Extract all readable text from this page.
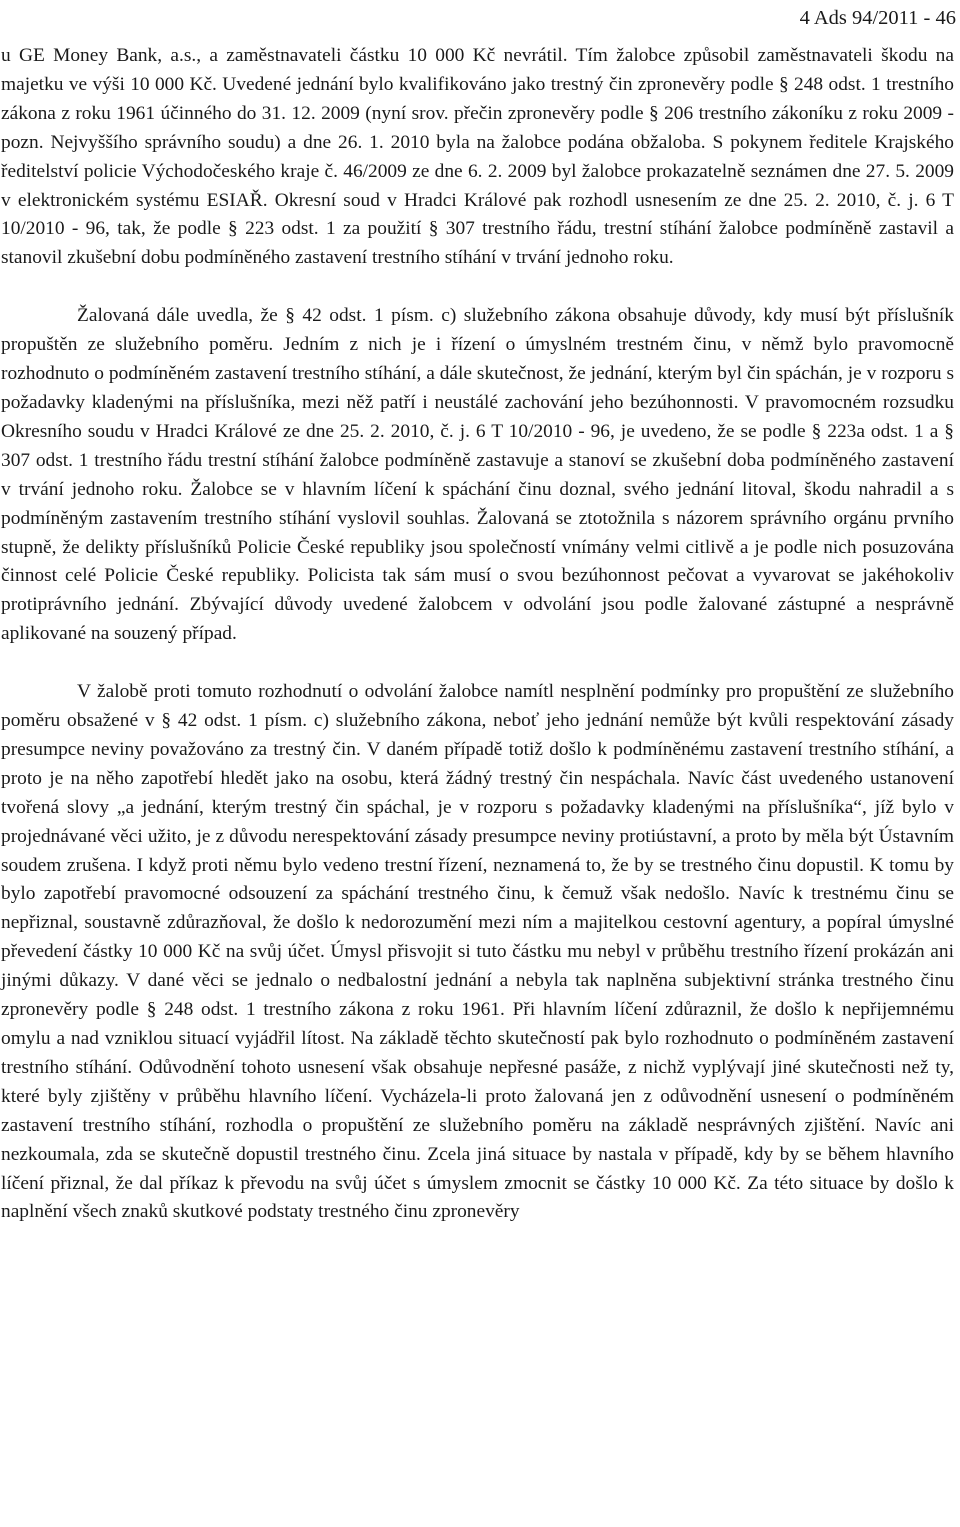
4 Ads 94/2011 - 46

u GE Money Bank, a.s., a zaměstnavateli částku 10 000 Kč nevrátil. Tím žalobce způsobil zaměstnavateli škodu na majetku ve výši 10 000 Kč. Uvedené jednání bylo kvalifikováno jako trestný čin zpronevěry podle § 248 odst. 1 trestního zákona z roku 1961 účinného do 31. 12. 2009 (nyní srov. přečin zpronevěry podle § 206 trestního zákoníku z roku 2009 - pozn. Nejvyššího správního soudu) a dne 26. 1. 2010 byla na žalobce podána obžaloba. S pokynem ředitele Krajského ředitelství policie Východočeského kraje č. 46/2009 ze dne 6. 2. 2009 byl žalobce prokazatelně seznámen dne 27. 5. 2009 v elektronickém systému ESIAŘ. Okresní soud v Hradci Králové pak rozhodl usnesením ze dne 25. 2. 2010, č. j. 6 T 10/2010 - 96, tak, že podle § 223 odst. 1 za použití § 307 trestního řádu, trestní stíhání žalobce podmíněně zastavil a stanovil zkušební dobu podmíněného zastavení trestního stíhání v trvání jednoho roku.

Žalovaná dále uvedla, že § 42 odst. 1 písm. c) služebního zákona obsahuje důvody, kdy musí být příslušník propuštěn ze služebního poměru. Jedním z nich je i řízení o úmyslném trestném činu, v němž bylo pravomocně rozhodnuto o podmíněném zastavení trestního stíhání, a dále skutečnost, že jednání, kterým byl čin spáchán, je v rozporu s požadavky kladenými na příslušníka, mezi něž patří i neustálé zachování jeho bezúhonnosti. V pravomocném rozsudku Okresního soudu v Hradci Králové ze dne 25. 2. 2010, č. j. 6 T 10/2010 - 96, je uvedeno, že se podle § 223a odst. 1 a § 307 odst. 1 trestního řádu trestní stíhání žalobce podmíněně zastavuje a stanoví se zkušební doba podmíněného zastavení v trvání jednoho roku. Žalobce se v hlavním líčení k spáchání činu doznal, svého jednání litoval, škodu nahradil a s podmíněným zastavením trestního stíhání vyslovil souhlas. Žalovaná se ztotožnila s názorem správního orgánu prvního stupně, že delikty příslušníků Policie České republiky jsou společností vnímány velmi citlivě a je podle nich posuzována činnost celé Policie České republiky. Policista tak sám musí o svou bezúhonnost pečovat a vyvarovat se jakéhokoliv protiprávního jednání. Zbývající důvody uvedené žalobcem v odvolání jsou podle žalované zástupné a nesprávně aplikované na souzený případ.

V žalobě proti tomuto rozhodnutí o odvolání žalobce namítl nesplnění podmínky pro propuštění ze služebního poměru obsažené v § 42 odst. 1 písm. c) služebního zákona, neboť jeho jednání nemůže být kvůli respektování zásady presumpce neviny považováno za trestný čin. V daném případě totiž došlo k podmíněnému zastavení trestního stíhání, a proto je na něho zapotřebí hledět jako na osobu, která žádný trestný čin nespáchala. Navíc část uvedeného ustanovení tvořená slovy „a jednání, kterým trestný čin spáchal, je v rozporu s požadavky kladenými na příslušníka“, jíž bylo v projednávané věci užito, je z důvodu nerespektování zásady presumpce neviny protiústavní, a proto by měla být Ústavním soudem zrušena. I když proti němu bylo vedeno trestní řízení, neznamená to, že by se trestného činu dopustil. K tomu by bylo zapotřebí pravomocné odsouzení za spáchání trestného činu, k čemuž však nedošlo. Navíc k trestnému činu se nepřiznal, soustavně zdůrazňoval, že došlo k nedorozumění mezi ním a majitelkou cestovní agentury, a popíral úmyslné převedení částky 10 000 Kč na svůj účet. Úmysl přisvojit si tuto částku mu nebyl v průběhu trestního řízení prokázán ani jinými důkazy. V dané věci se jednalo o nedbalostní jednání a nebyla tak naplněna subjektivní stránka trestného činu zpronevěry podle § 248 odst. 1 trestního zákona z roku 1961. Při hlavním líčení zdůraznil, že došlo k nepřijemnému omylu a nad vzniklou situací vyjádřil lítost. Na základě těchto skutečností pak bylo rozhodnuto o podmíněném zastavení trestního stíhání. Odůvodnění tohoto usnesení však obsahuje nepřesné pasáže, z nichž vyplývají jiné skutečnosti než ty, které byly zjištěny v průběhu hlavního líčení. Vycházela-li proto žalovaná jen z odůvodnění usnesení o podmíněném zastavení trestního stíhání, rozhodla o propuštění ze služebního poměru na základě nesprávných zjištění. Navíc ani nezkoumala, zda se skutečně dopustil trestného činu. Zcela jiná situace by nastala v případě, kdy by se během hlavního líčení přiznal, že dal příkaz k převodu na svůj účet s úmyslem zmocnit se částky 10 000 Kč. Za této situace by došlo k naplnění všech znaků skutkové podstaty trestného činu zpronevěry
